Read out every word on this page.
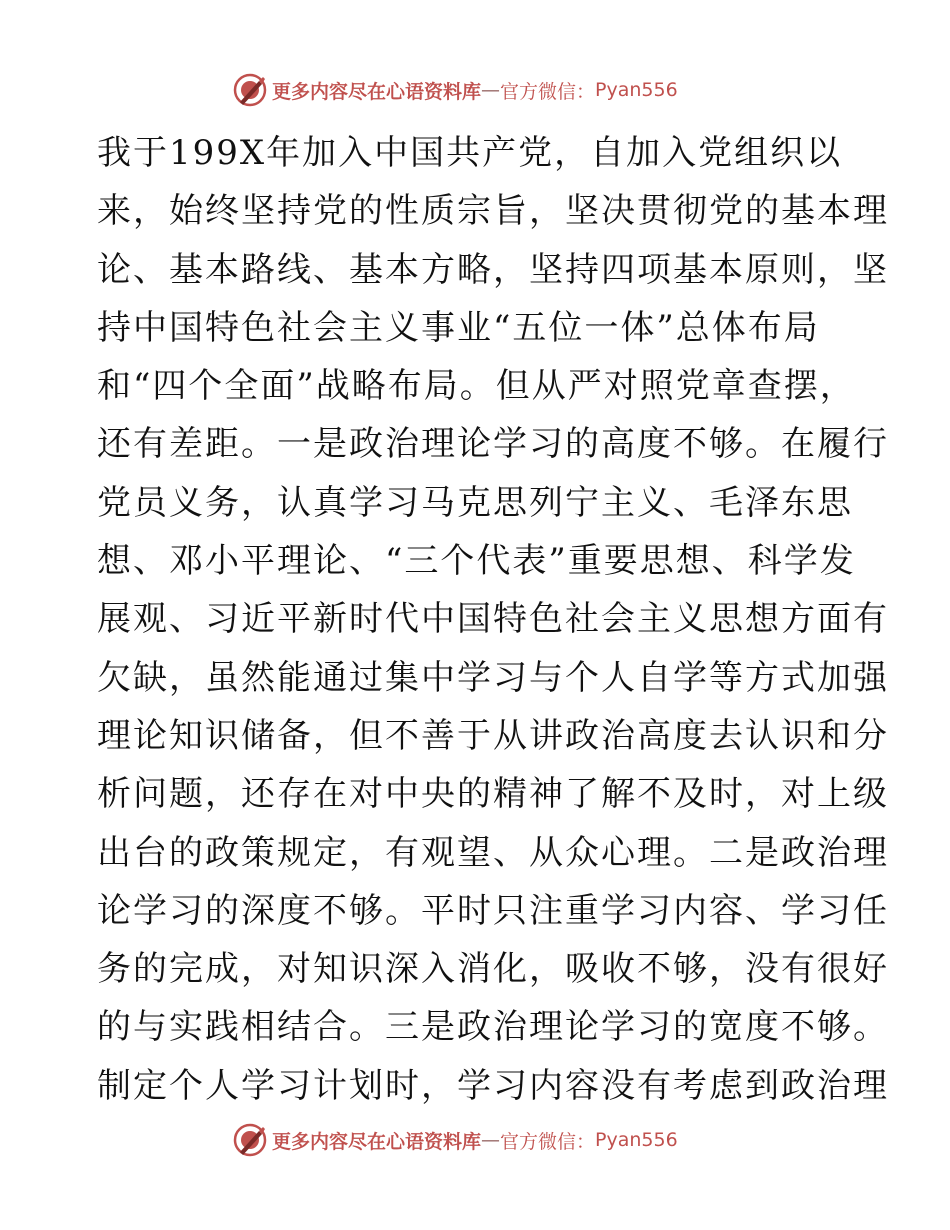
更多内容尽在心语资料库 — 官方微信： Pyan556
我于199X年加入中国共产党，自加入党组织以
来，始终坚持党的性质宗旨，坚决贯彻党的基本理
论、基本路线、基本方略，坚持四项基本原则，坚
持中国特色社会主义事业“五位一体”总体布局
和“四个全面”战略布局。但从严对照党章查摆，
还有差距。一是政治理论学习的高度不够。在履行
党员义务，认真学习马克思列宁主义、毛泽东思
想、邓小平理论、“三个代表”重要思想、科学发
展观、习近平新时代中国特色社会主义思想方面有
欠缺，虽然能通过集中学习与个人自学等方式加强
理论知识储备，但不善于从讲政治高度去认识和分
析问题，还存在对中央的精神了解不及时，对上级
出台的政策规定，有观望、从众心理。二是政治理
论学习的深度不够。平时只注重学习内容、学习任
务的完成，对知识深入消化，吸收不够，没有很好
的与实践相结合。三是政治理论学习的宽度不够。
制定个人学习计划时，学习内容没有考虑到政治理
更多内容尽在心语资料库 — 官方微信： Pyan556
